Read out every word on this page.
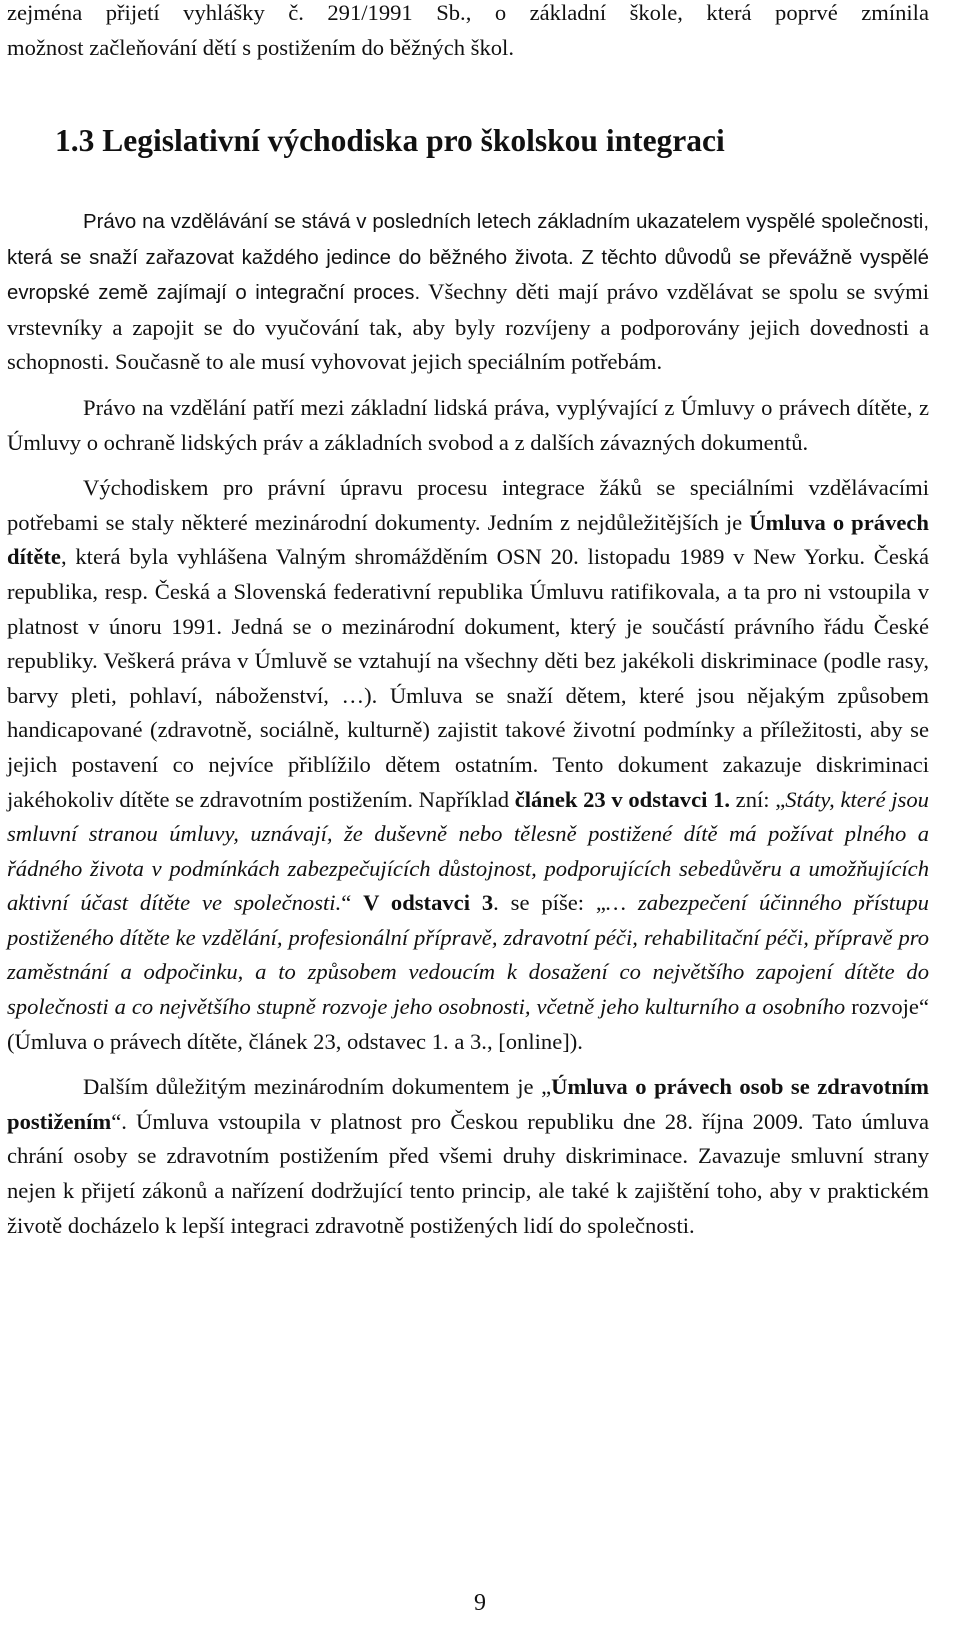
zejména přijetí vyhlášky č. 291/1991 Sb., o základní škole, která poprvé zmínila
možnost začleňování dětí s postižením do běžných škol.
1.3 Legislativní východiska pro školskou integraci

Právo na vzdělávání se stává v posledních letech základním ukazatelem vyspělé společnosti, která se snaží zařazovat každého jedince do běžného života. Z těchto důvodů se převážně vyspělé evropské země zajímají o integrační proces. Všechny děti mají právo vzdělávat se spolu se svými vrstevníky a zapojit se do vyučování tak, aby byly rozvíjeny a podporovány jejich dovednosti a schopnosti. Současně to ale musí vyhovovat jejich speciálním potřebám.

Právo na vzdělání patří mezi základní lidská práva, vyplývající z Úmluvy o právech dítěte, z Úmluvy o ochraně lidských práv a základních svobod a z dalších závazných dokumentů.

Východiskem pro právní úpravu procesu integrace žáků se speciálními vzdělávacími potřebami se staly některé mezinárodní dokumenty. Jedním z nejdůležitějších je Úmluva o právech dítěte, která byla vyhlášena Valným shromážděním OSN 20. listopadu 1989 v New Yorku. Česká republika, resp. Česká a Slovenská federativní republika Úmluvu ratifikovala, a ta pro ni vstoupila v platnost v únoru 1991. Jedná se o mezinárodní dokument, který je součástí právního řádu České republiky. Veškerá práva v Úmluvě se vztahují na všechny děti bez jakékoli diskriminace (podle rasy, barvy pleti, pohlaví, náboženství, …). Úmluva se snaží dětem, které jsou nějakým způsobem handicapované (zdravotně, sociálně, kulturně) zajistit takové životní podmínky a příležitosti, aby se jejich postavení co nejvíce přiblížilo dětem ostatním. Tento dokument zakazuje diskriminaci jakéhokoliv dítěte se zdravotním postižením. Například článek 23 v odstavci 1. zní: „Státy, které jsou smluvní stranou úmluvy, uznávají, že duševně nebo tělesně postižené dítě má požívat plného a řádného života v podmínkách zabezpečujících důstojnost, podporujících sebedůvěru a umožňujících aktivní účast dítěte ve společnosti.“ V odstavci 3. se píše: „… zabezpečení účinného přístupu postiženého dítěte ke vzdělání, profesionální přípravě, zdravotní péči, rehabilitační péči, přípravě pro zaměstnání a odpočinku, a to způsobem vedoucím k dosažení co největšího zapojení dítěte do společnosti a co největšího stupně rozvoje jeho osobnosti, včetně jeho kulturního a osobního rozvoje“ (Úmluva o právech dítěte, článek 23, odstavec 1. a 3., [online]).

Dalším důležitým mezinárodním dokumentem je „Úmluva o právech osob se zdravotním postižením“. Úmluva vstoupila v platnost pro Českou republiku dne 28. října 2009. Tato úmluva chrání osoby se zdravotním postižením před všemi druhy diskriminace. Zavazuje smluvní strany nejen k přijetí zákonů a nařízení dodržující tento princip, ale také k zajištění toho, aby v praktickém životě docházelo k lepší integraci zdravotně postižených lidí do společnosti.

9
